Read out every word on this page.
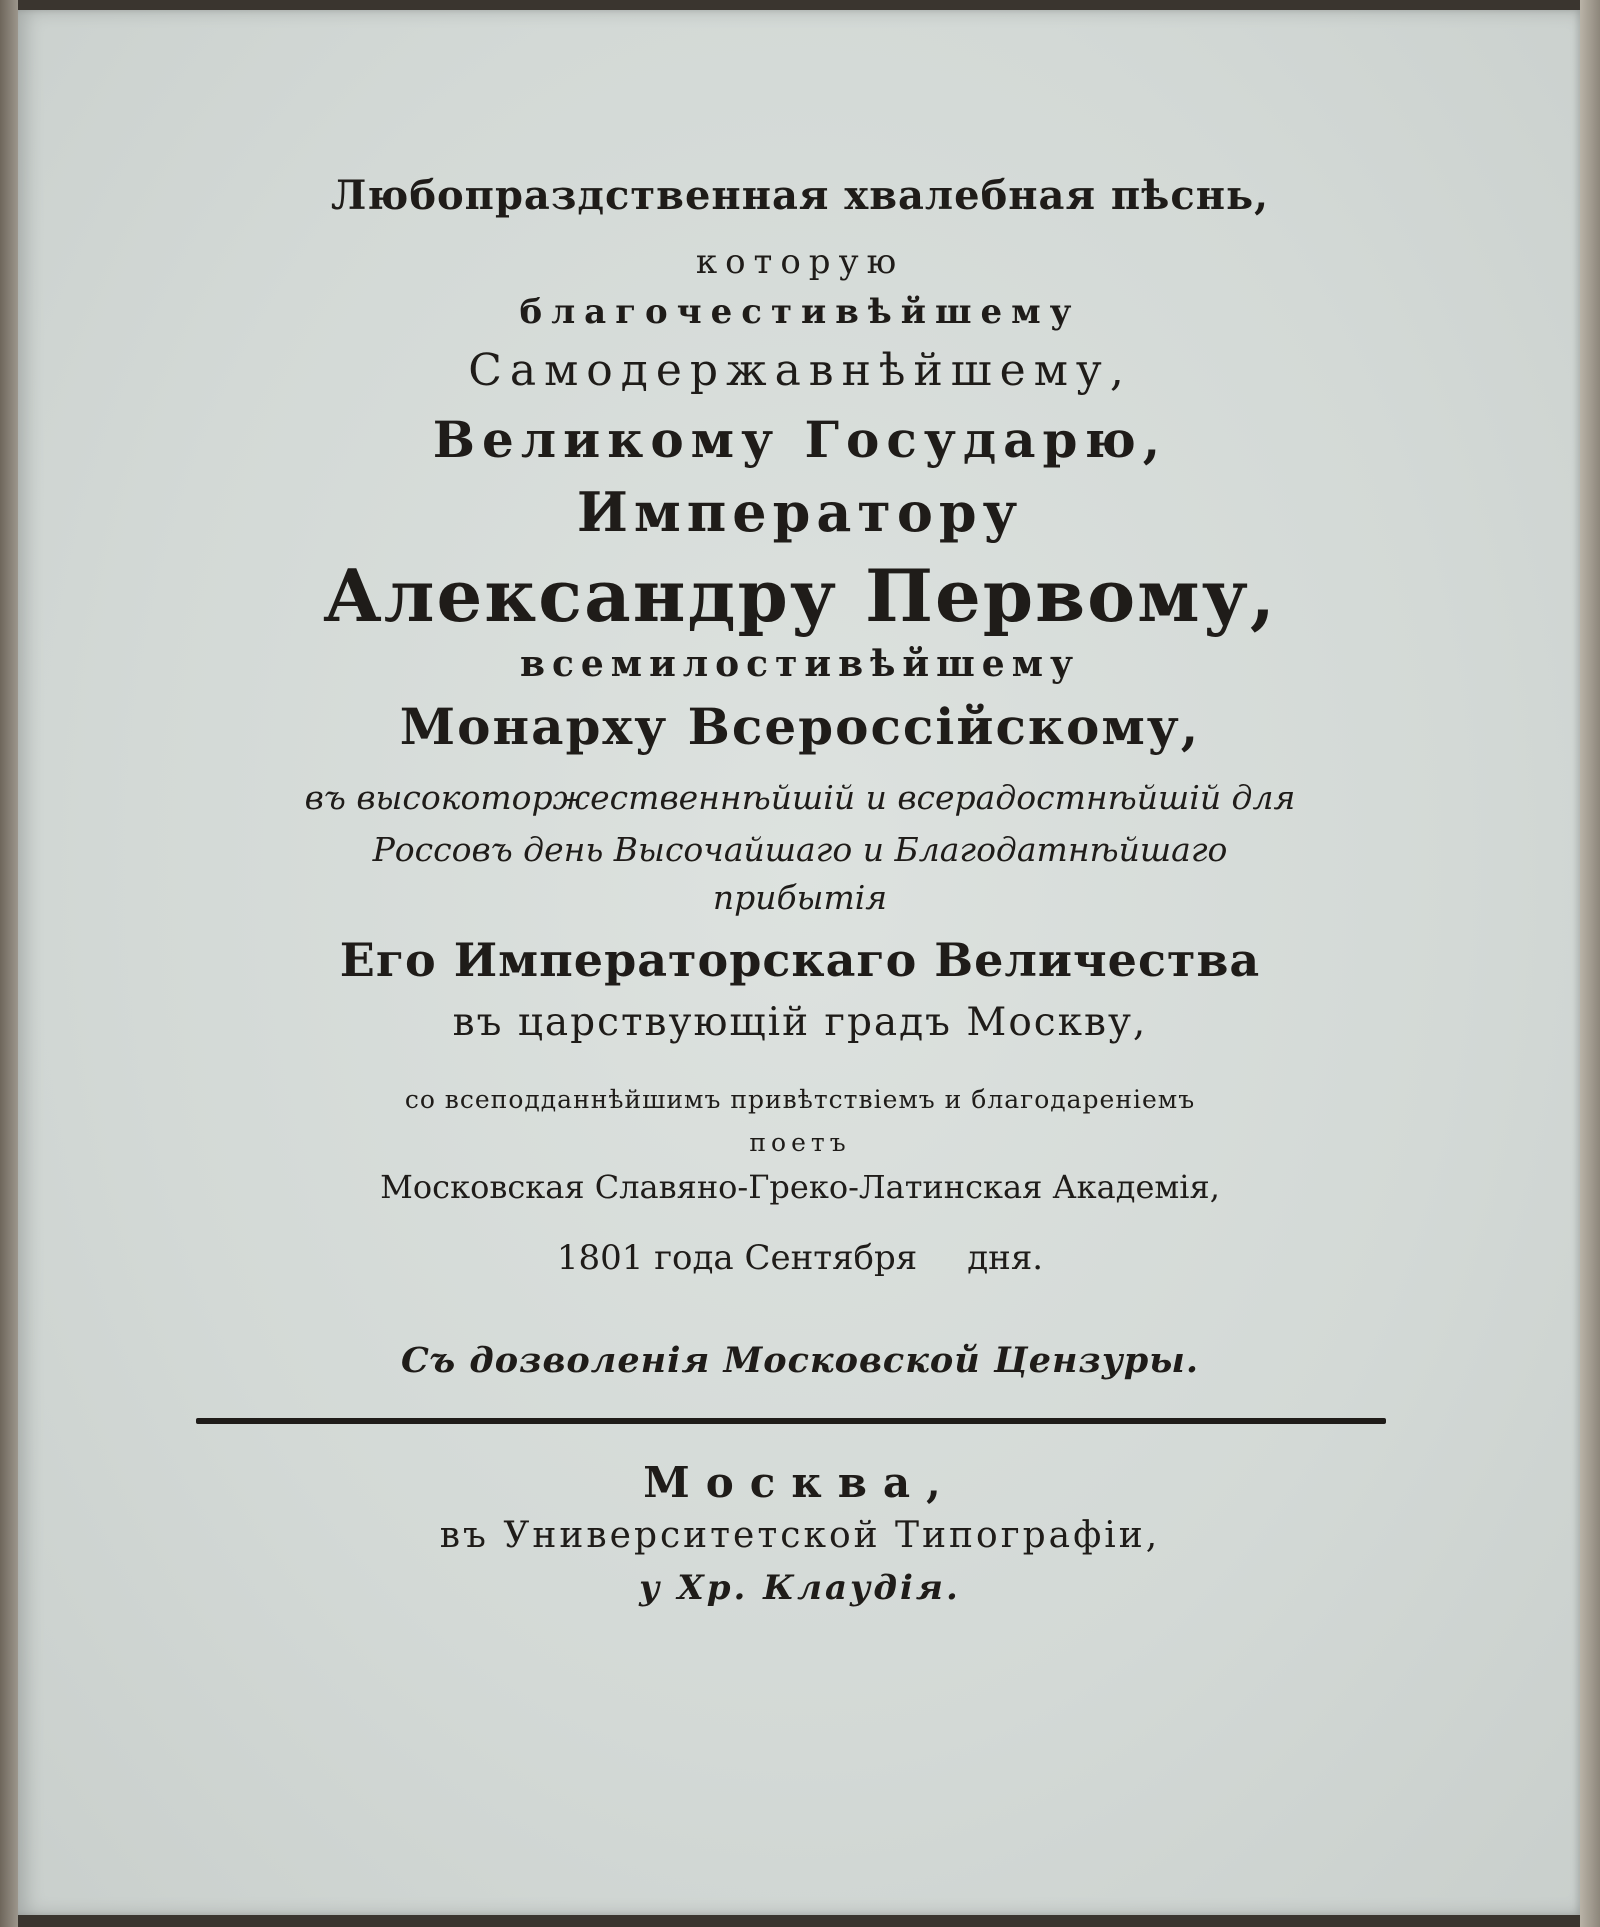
Любопраздственная хвалебная пѣснь,
которую
благочестивѣйшему
Самодержавнѣйшему,
Великому Государю,
Императору
Александру Первому,
всемилостивѣйшему
Монарху Всероссійскому,
въ высокоторжественнѣйшій и всерадостнѣйшій для
Россовъ день Высочайшаго и Благодатнѣйшаго
прибытія
Его Императорскаго Величества
въ царствующій градъ Москву,
со всеподданнѣйшимъ привѣтствіемъ и благодареніемъ
поетъ
Московская Славяно-Греко-Латинская Академія,
1801 года Сентября дня.
Съ дозволенія Московской Цензуры.
Москва,
въ Университетской Типографіи,
у Хр. Клаудія.
